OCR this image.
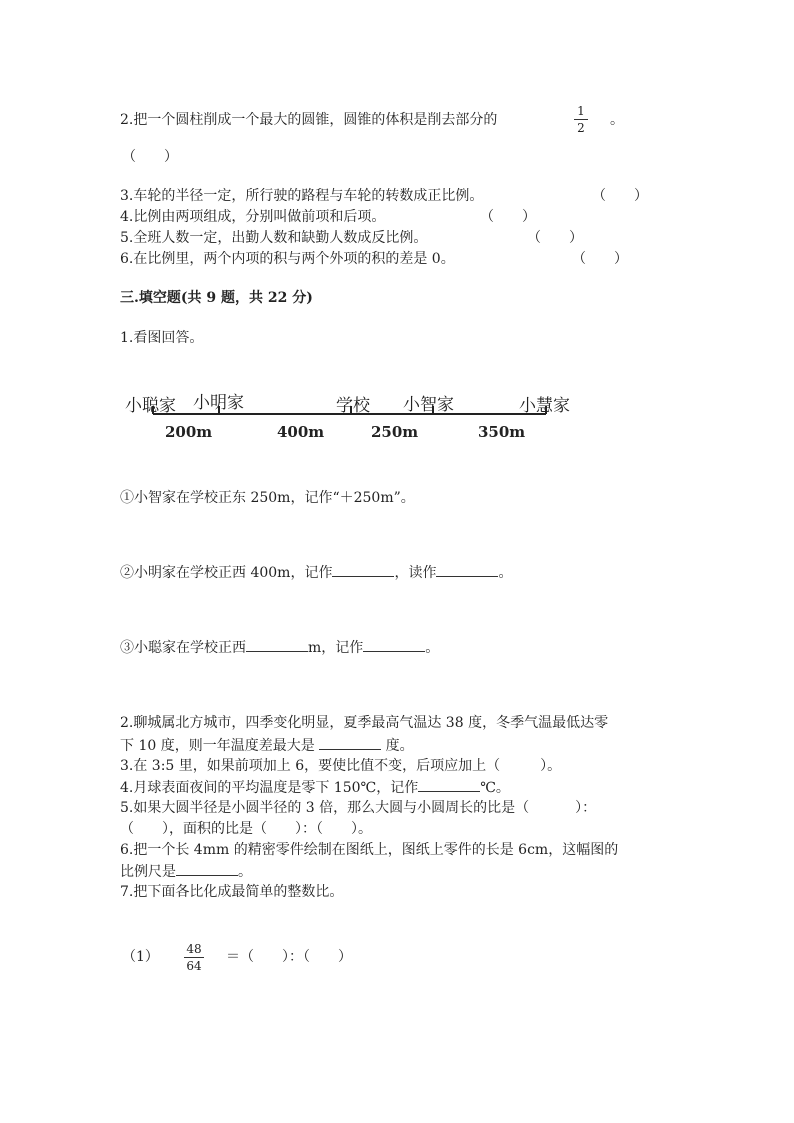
2.把一个圆柱削成一个最大的圆锥，圆锥的体积是削去部分的
1
2 。
（　　）
3.车轮的半径一定，所行驶的路程与车轮的转数成正比例。	（　　）
4.比例由两项组成，分别叫做前项和后项。	（　　）
5.全班人数一定，出勤人数和缺勤人数成反比例。	（　　）
6.在比例里，两个内项的积与两个外项的积的差是 0。	（　　）
三.填空题(共 9 题，共 22 分)
1.看图回答。
小聪家 小明家	学校 小智家	小慧家
200m	400m	250m	350m
①小智家在学校正东 250m，记作“＋250m”。
②小明家在学校正西 400m，记作	，读作	。
③小聪家在学校正西	m，记作	。
2.聊城属北方城市，四季变化明显，夏季最高气温达 38 度，冬季气温最低达零
下 10 度，则一年温度差最大是	度。
3.在 3:5 里，如果前项加上 6，要使比值不变，后项应加上（	）。
4.月球表面夜间的平均温度是零下 150℃，记作	℃。
5.如果大圆半径是小圆半径的 3 倍，那么大圆与小圆周长的比是（	）：
（　　），面积的比是（　　）：（　　）。
6.把一个长 4mm 的精密零件绘制在图纸上，图纸上零件的长是 6cm，这幅图的
比例尺是	。
7.把下面各比化成最简单的整数比。
（1） 48
64
＝（　　）：（　　）
